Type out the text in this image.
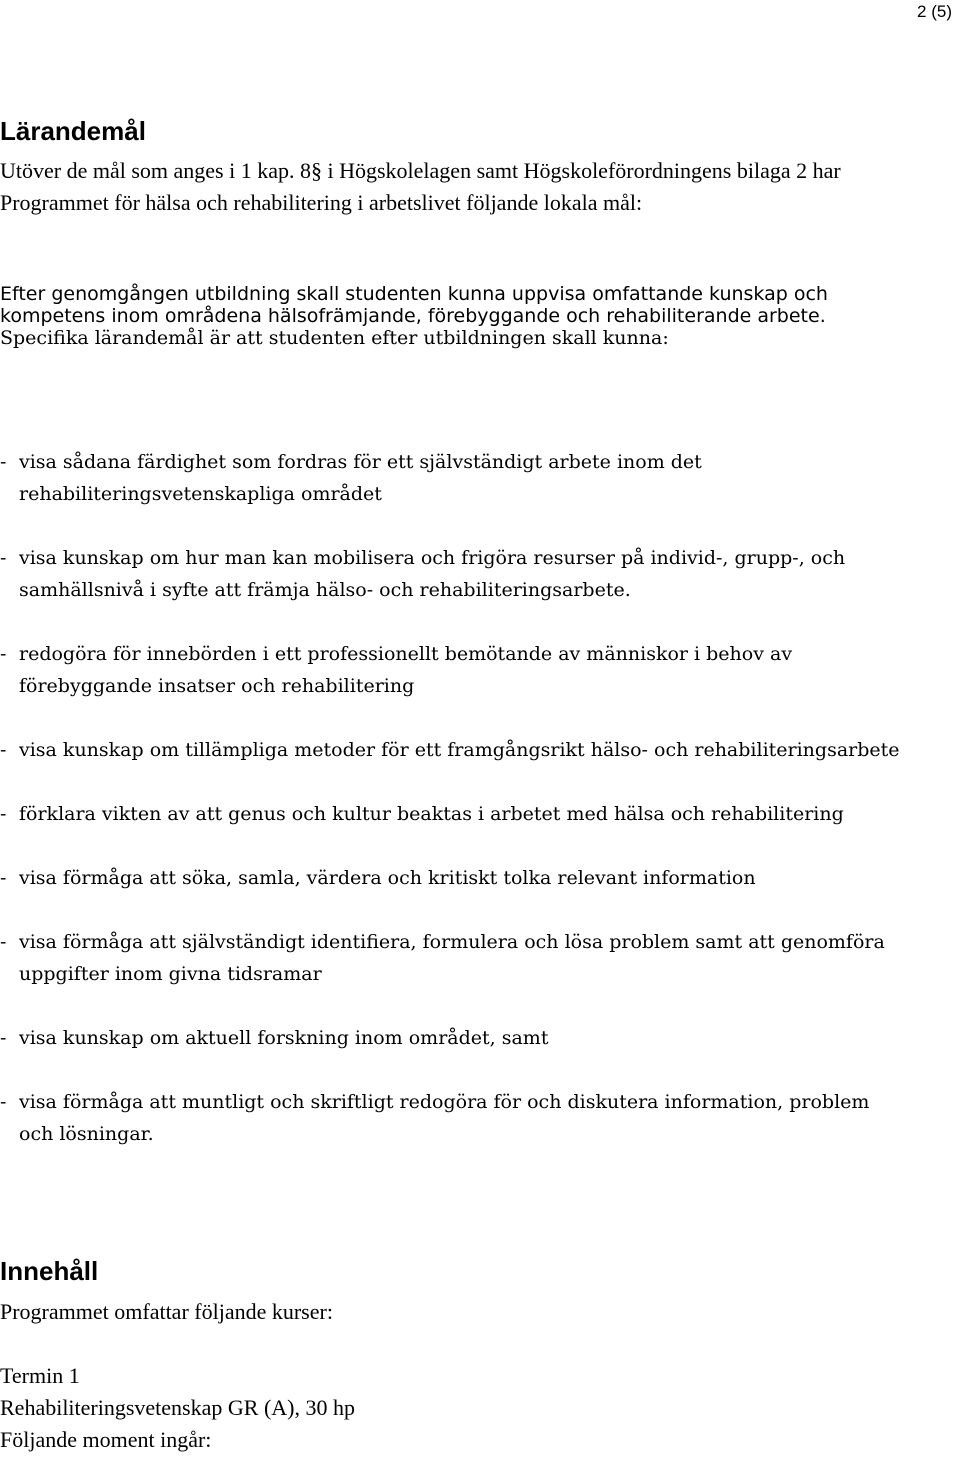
2 (5)
Lärandemål

Utöver de mål som anges i 1 kap. 8§ i Högskolelagen samt Högskoleförordningens bilaga 2 har Programmet för hälsa och rehabilitering i arbetslivet följande lokala mål:

Efter genomgången utbildning skall studenten kunna uppvisa omfattande kunskap och kompetens inom områdena hälsofrämjande, förebyggande och rehabiliterande arbete. Specifika lärandemål är att studenten efter utbildningen skall kunna:

- visa sådana färdighet som fordras för ett självständigt arbete inom det rehabiliteringsvetenskapliga området
- visa kunskap om hur man kan mobilisera och frigöra resurser på individ-, grupp-, och samhällsnivå i syfte att främja hälso- och rehabiliteringsarbete.
- redogöra för innebörden i ett professionellt bemötande av människor i behov av förebyggande insatser och rehabilitering
- visa kunskap om tillämpliga metoder för ett framgångsrikt hälso- och rehabiliteringsarbete
- förklara vikten av att genus och kultur beaktas i arbetet med hälsa och rehabilitering
- visa förmåga att söka, samla, värdera och kritiskt tolka relevant information
- visa förmåga att självständigt identifiera, formulera och lösa problem samt att genomföra uppgifter inom givna tidsramar
- visa kunskap om aktuell forskning inom området, samt
- visa förmåga att muntligt och skriftligt redogöra för och diskutera information, problem och lösningar.
Innehåll

Programmet omfattar följande kurser:

Termin 1

Rehabiliteringsvetenskap GR (A), 30 hp

Följande moment ingår:
